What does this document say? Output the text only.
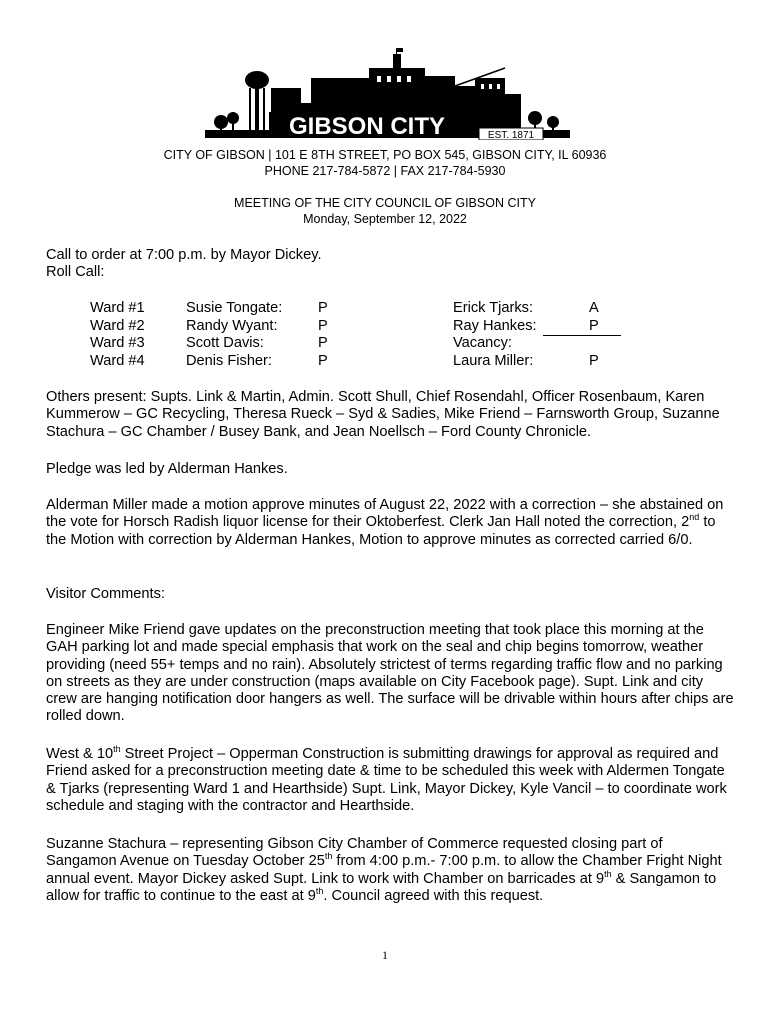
GIBSON CITY	EST. 1871
CITY OF GIBSON | 101 E 8TH STREET, PO BOX 545, GIBSON CITY, IL 60936
PHONE 217-784-5872 | FAX 217-784-5930
MEETING OF THE CITY COUNCIL OF GIBSON CITY
Monday, September 12, 2022
Call to order at 7:00 p.m. by Mayor Dickey.
Roll Call:
Ward #1	Susie Tongate: P	Erick Tjarks:	A
Ward #2	Randy Wyant:	P	Ray Hankes:	P
Ward #3	Scott Davis:	P	Vacancy:
Ward #4	Denis Fisher:	P	Laura Miller:	P
Others present: Supts. Link & Martin, Admin. Scott Shull, Chief Rosendahl, Officer Rosenbaum, Karen Kummerow – GC Recycling, Theresa Rueck – Syd & Sadies, Mike Friend – Farnsworth Group, Suzanne Stachura – GC Chamber / Busey Bank, and Jean Noellsch – Ford County Chronicle.
Pledge was led by Alderman Hankes.
Alderman Miller made a motion approve minutes of August 22, 2022 with a correction – she abstained on the vote for Horsch Radish liquor license for their Oktoberfest. Clerk Jan Hall noted the correction, 2nd to the Motion with correction by Alderman Hankes, Motion to approve minutes as corrected carried 6/0.
Visitor Comments:
Engineer Mike Friend gave updates on the preconstruction meeting that took place this morning at the GAH parking lot and made special emphasis that work on the seal and chip begins tomorrow, weather providing (need 55+ temps and no rain). Absolutely strictest of terms regarding traffic flow and no parking on streets as they are under construction (maps available on City Facebook page). Supt. Link and city crew are hanging notification door hangers as well. The surface will be drivable within hours after chips are rolled down.
West & 10th Street Project – Opperman Construction is submitting drawings for approval as required and Friend asked for a preconstruction meeting date & time to be scheduled this week with Aldermen Tongate & Tjarks (representing Ward 1 and Hearthside) Supt. Link, Mayor Dickey, Kyle Vancil – to coordinate work schedule and staging with the contractor and Hearthside.
Suzanne Stachura – representing Gibson City Chamber of Commerce requested closing part of Sangamon Avenue on Tuesday October 25th from 4:00 p.m.- 7:00 p.m. to allow the Chamber Fright Night annual event. Mayor Dickey asked Supt. Link to work with Chamber on barricades at 9th & Sangamon to allow for traffic to continue to the east at 9th. Council agreed with this request.
1
